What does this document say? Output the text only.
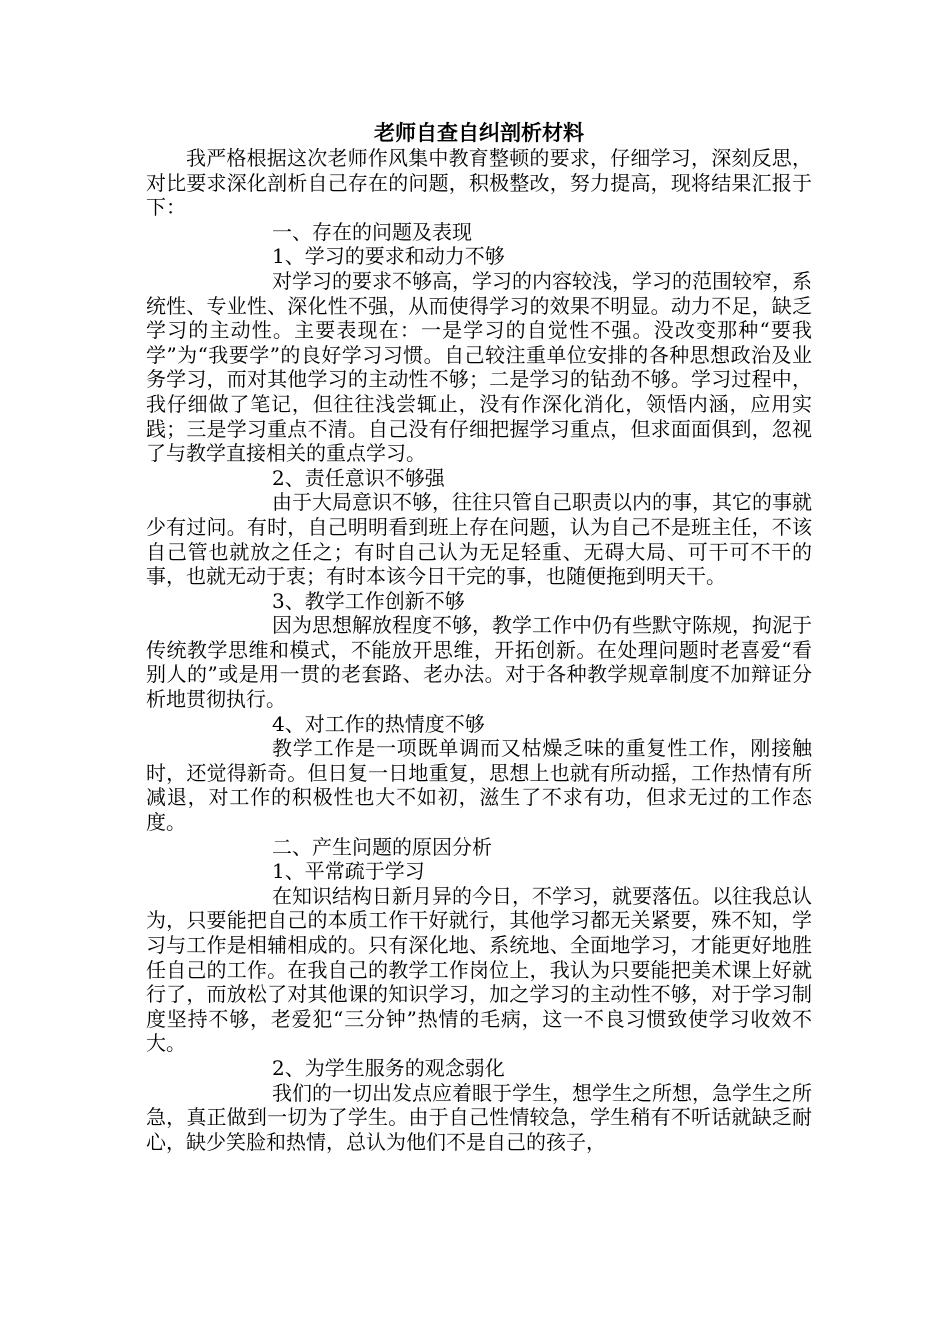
老师自查自纠剖析材料

我严格根据这次老师作风集中教育整顿的要求，仔细学习，深刻反思，对比要求深化剖析自己存在的问题，积极整改，努力提高，现将结果汇报于下：

一、存在的问题及表现

1、学习的要求和动力不够

对学习的要求不够高，学习的内容较浅，学习的范围较窄，系统性、专业性、深化性不强，从而使得学习的效果不明显。动力不足，缺乏学习的主动性。主要表现在：一是学习的自觉性不强。没改变那种“要我学”为“我要学”的良好学习习惯。自己较注重单位安排的各种思想政治及业务学习，而对其他学习的主动性不够；二是学习的钻劲不够。学习过程中，我仔细做了笔记，但往往浅尝辄止，没有作深化消化，领悟内涵，应用实践；三是学习重点不清。自己没有仔细把握学习重点，但求面面俱到，忽视了与教学直接相关的重点学习。

2、责任意识不够强

由于大局意识不够，往往只管自己职责以内的事，其它的事就少有过问。有时，自己明明看到班上存在问题，认为自己不是班主任，不该自己管也就放之任之；有时自己认为无足轻重、无碍大局、可干可不干的事，也就无动于衷；有时本该今日干完的事，也随便拖到明天干。

3、教学工作创新不够

因为思想解放程度不够，教学工作中仍有些默守陈规，拘泥于传统教学思维和模式，不能放开思维，开拓创新。在处理问题时老喜爱“看别人的”或是用一贯的老套路、老办法。对于各种教学规章制度不加辩证分析地贯彻执行。

4、对工作的热情度不够

教学工作是一项既单调而又枯燥乏味的重复性工作，刚接触时，还觉得新奇。但日复一日地重复，思想上也就有所动摇，工作热情有所减退，对工作的积极性也大不如初，滋生了不求有功，但求无过的工作态度。

二、产生问题的原因分析

1、平常疏于学习

在知识结构日新月异的今日，不学习，就要落伍。以往我总认为，只要能把自己的本质工作干好就行，其他学习都无关紧要，殊不知，学习与工作是相辅相成的。只有深化地、系统地、全面地学习，才能更好地胜任自己的工作。在我自己的教学工作岗位上，我认为只要能把美术课上好就行了，而放松了对其他课的知识学习，加之学习的主动性不够，对于学习制度坚持不够，老爱犯“三分钟”热情的毛病，这一不良习惯致使学习收效不大。

2、为学生服务的观念弱化

我们的一切出发点应着眼于学生，想学生之所想，急学生之所急，真正做到一切为了学生。由于自己性情较急，学生稍有不听话就缺乏耐心，缺少笑脸和热情，总认为他们不是自己的孩子，
